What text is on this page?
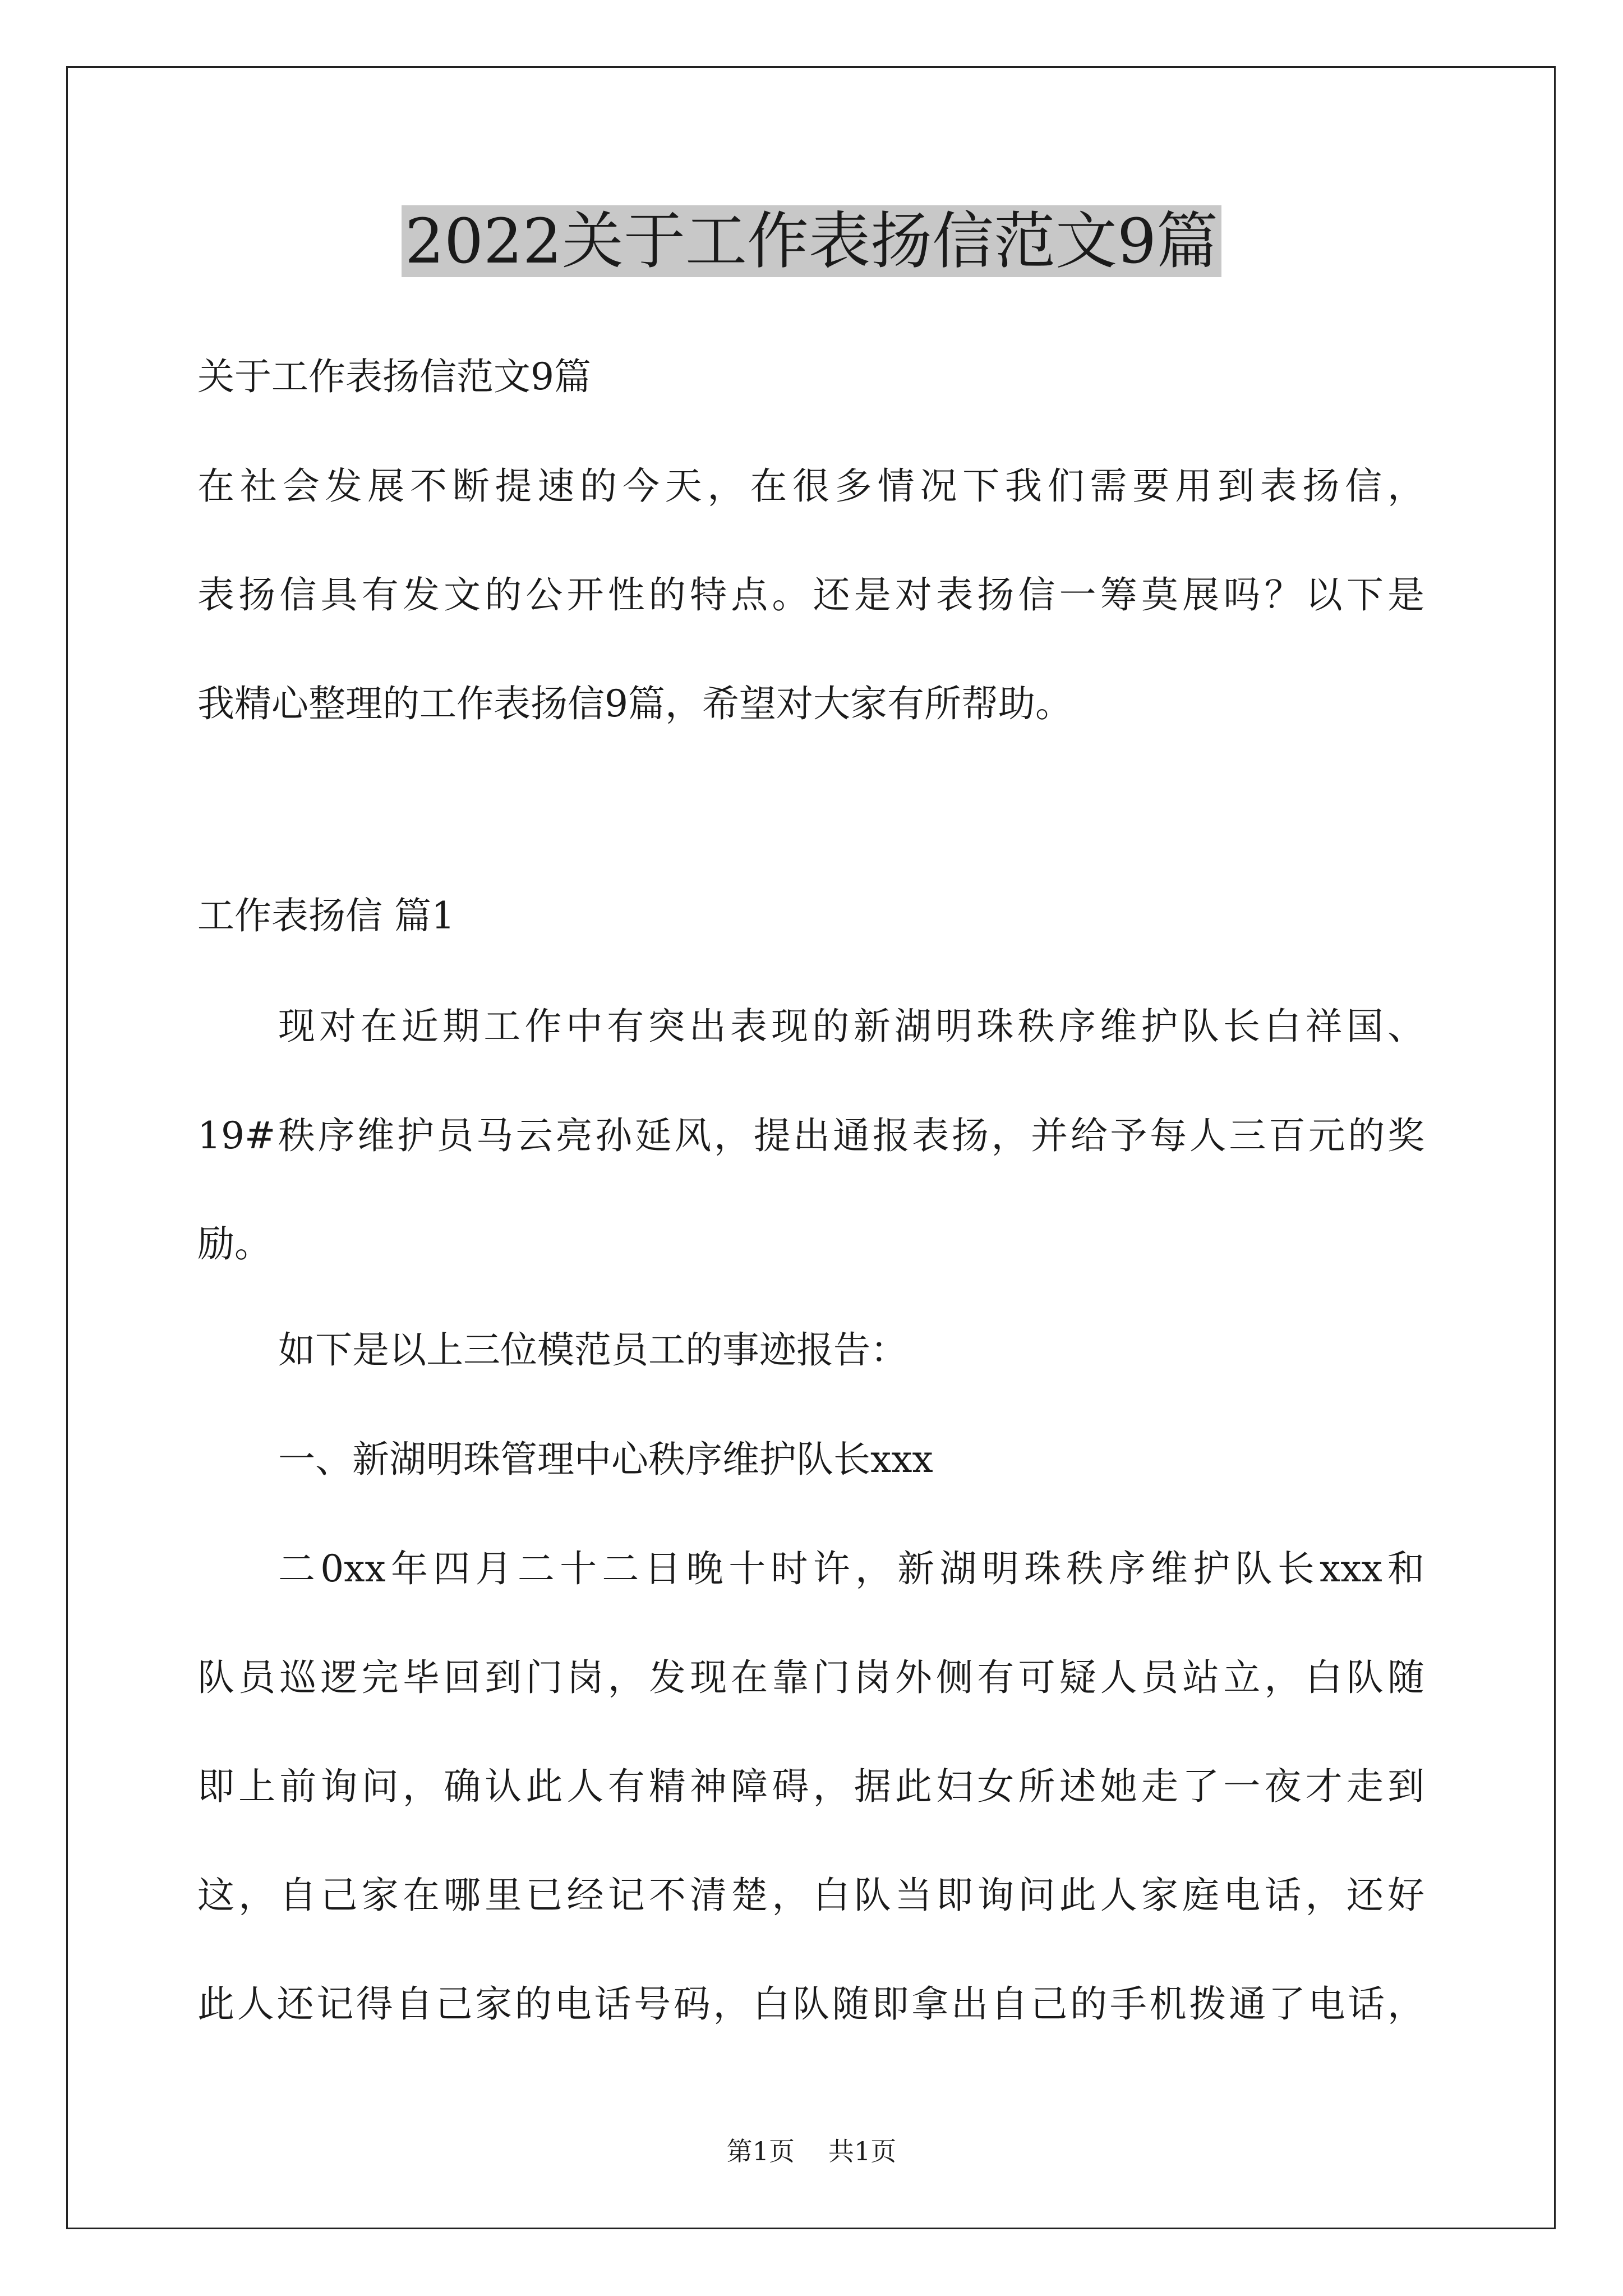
2022关于工作表扬信范文9篇

关于工作表扬信范文9篇

在社会发展不断提速的今天，在很多情况下我们需要用到表扬信，

表扬信具有发文的公开性的特点。还是对表扬信一筹莫展吗？以下是

我精心整理的工作表扬信9篇，希望对大家有所帮助。

工作表扬信 篇1

现对在近期工作中有突出表现的新湖明珠秩序维护队长白祥国、

19#秩序维护员马云亮孙延风，提出通报表扬，并给予每人三百元的奖

励。

如下是以上三位模范员工的事迹报告：

一、新湖明珠管理中心秩序维护队长xxx

二0xx年四月二十二日晚十时许，新湖明珠秩序维护队长xxx和

队员巡逻完毕回到门岗，发现在靠门岗外侧有可疑人员站立，白队随

即上前询问，确认此人有精神障碍，据此妇女所述她走了一夜才走到

这，自己家在哪里已经记不清楚，白队当即询问此人家庭电话，还好

此人还记得自己家的电话号码，白队随即拿出自己的手机拨通了电话，

第1页 共1页
